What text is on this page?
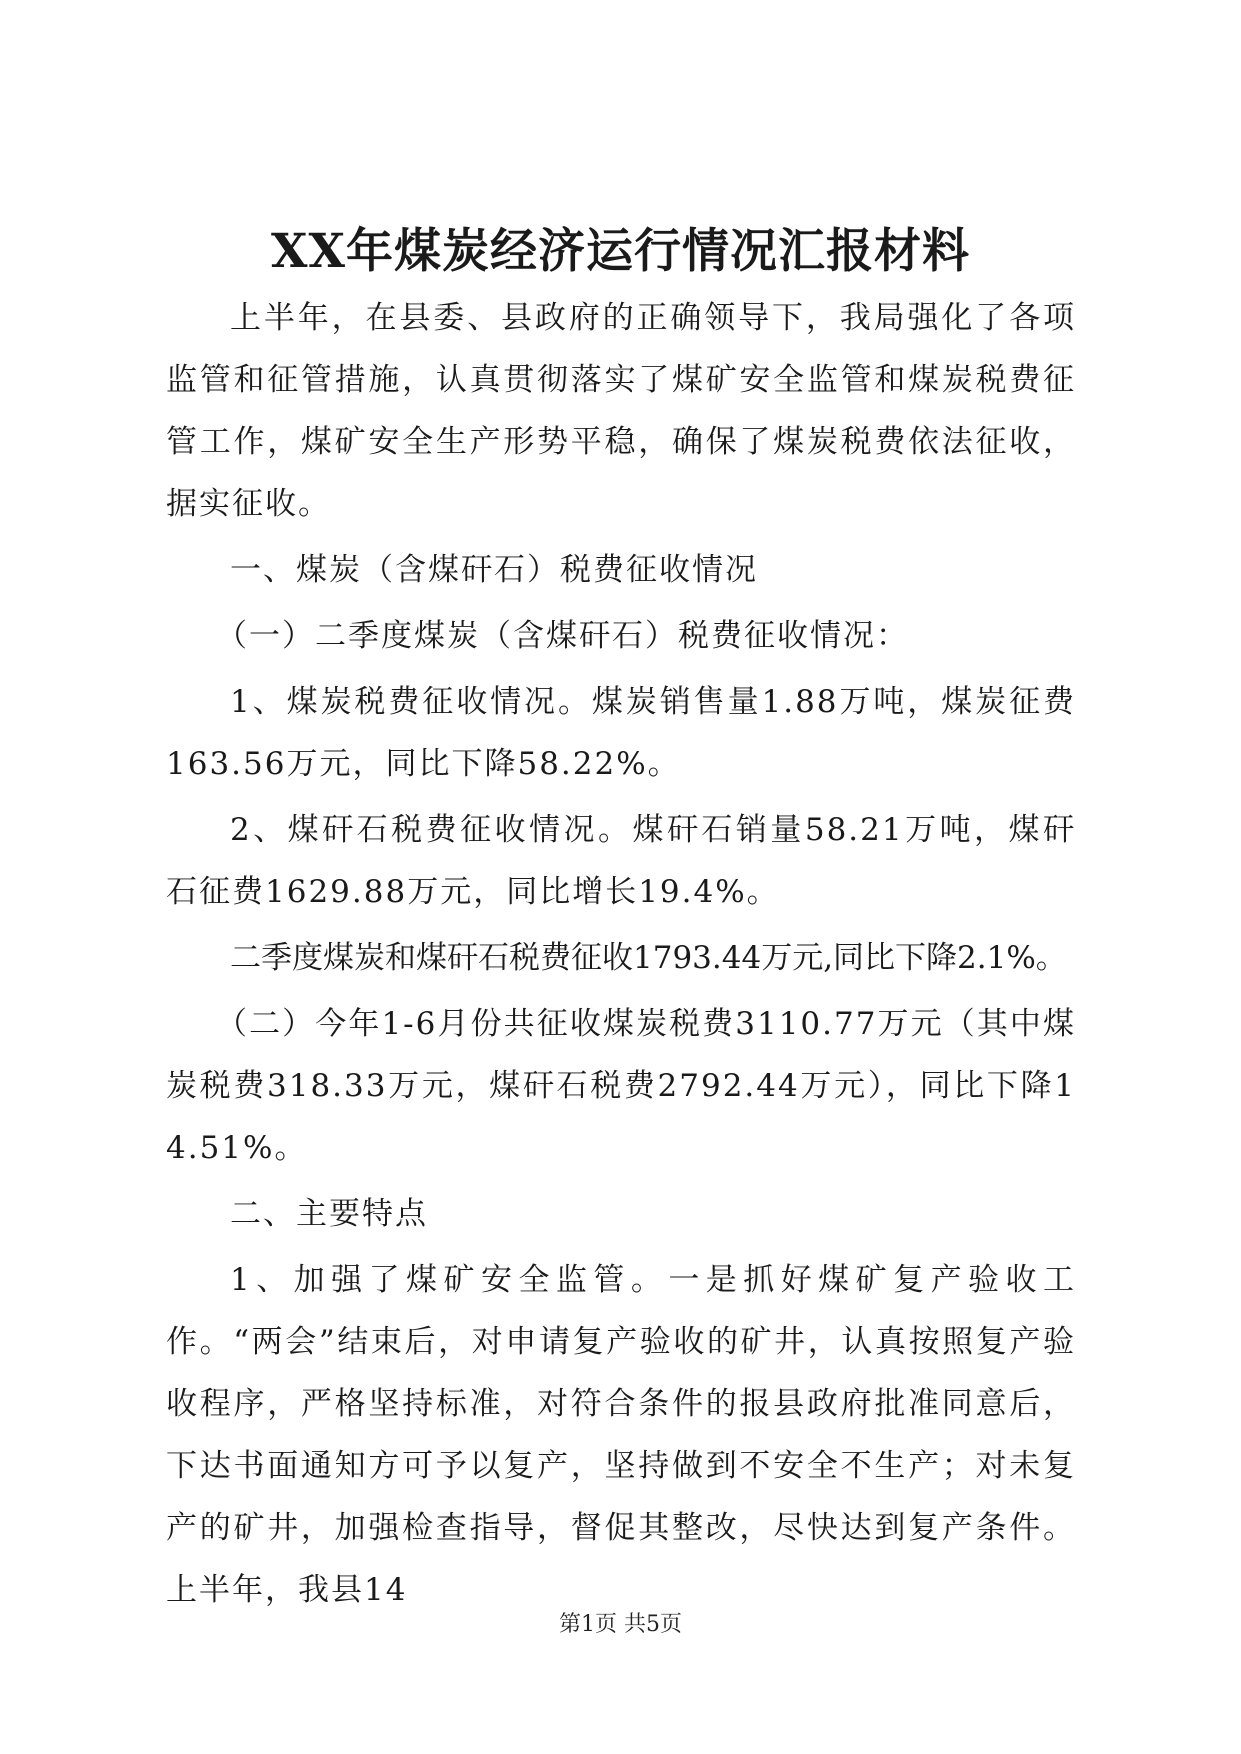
XX年煤炭经济运行情况汇报材料

上半年，在县委、县政府的正确领导下，我局强化了各项监管和征管措施，认真贯彻落实了煤矿安全监管和煤炭税费征管工作，煤矿安全生产形势平稳，确保了煤炭税费依法征收，据实征收。

一、煤炭（含煤矸石）税费征收情况

（一）二季度煤炭（含煤矸石）税费征收情况：

1、煤炭税费征收情况。煤炭销售量1.88万吨，煤炭征费163.56万元，同比下降58.22%。

2、煤矸石税费征收情况。煤矸石销量58.21万吨，煤矸石征费1629.88万元，同比增长19.4%。

二季度煤炭和煤矸石税费征收1793.44万元,同比下降2.1%。

（二）今年1-6月份共征收煤炭税费3110.77万元（其中煤炭税费318.33万元，煤矸石税费2792.44万元），同比下降14.51%。

二、主要特点

1、加强了煤矿安全监管。一是抓好煤矿复产验收工作。“两会”结束后，对申请复产验收的矿井，认真按照复产验收程序，严格坚持标准，对符合条件的报县政府批准同意后，下达书面通知方可予以复产，坚持做到不安全不生产；对未复产的矿井，加强检查指导，督促其整改，尽快达到复产条件。上半年，我县14

第1页 共5页
